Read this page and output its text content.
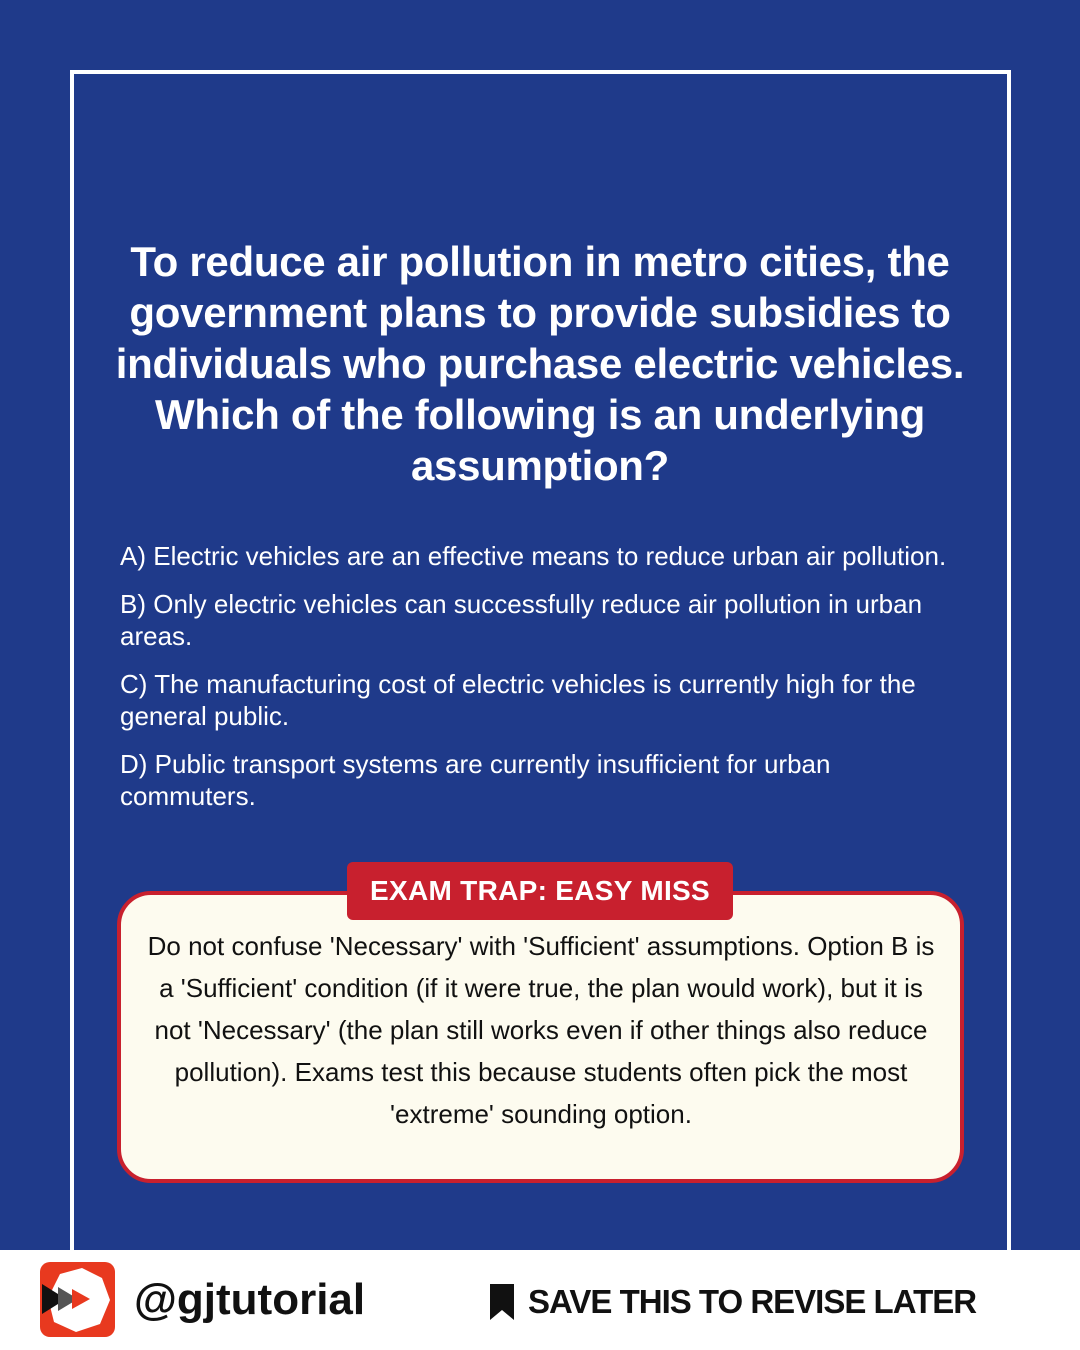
To reduce air pollution in metro cities, the government plans to provide subsidies to individuals who purchase electric vehicles. Which of the following is an underlying assumption?
A) Electric vehicles are an effective means to reduce urban air pollution.
B) Only electric vehicles can successfully reduce air pollution in urban areas.
C) The manufacturing cost of electric vehicles is currently high for the general public.
D) Public transport systems are currently insufficient for urban commuters.
Do not confuse 'Necessary' with 'Sufficient' assumptions. Option B is a 'Sufficient' condition (if it were true, the plan would work), but it is not 'Necessary' (the plan still works even if other things also reduce pollution). Exams test this because students often pick the most 'extreme' sounding option.
EXAM TRAP: EASY MISS
@gjtutorial	SAVE THIS TO REVISE LATER
